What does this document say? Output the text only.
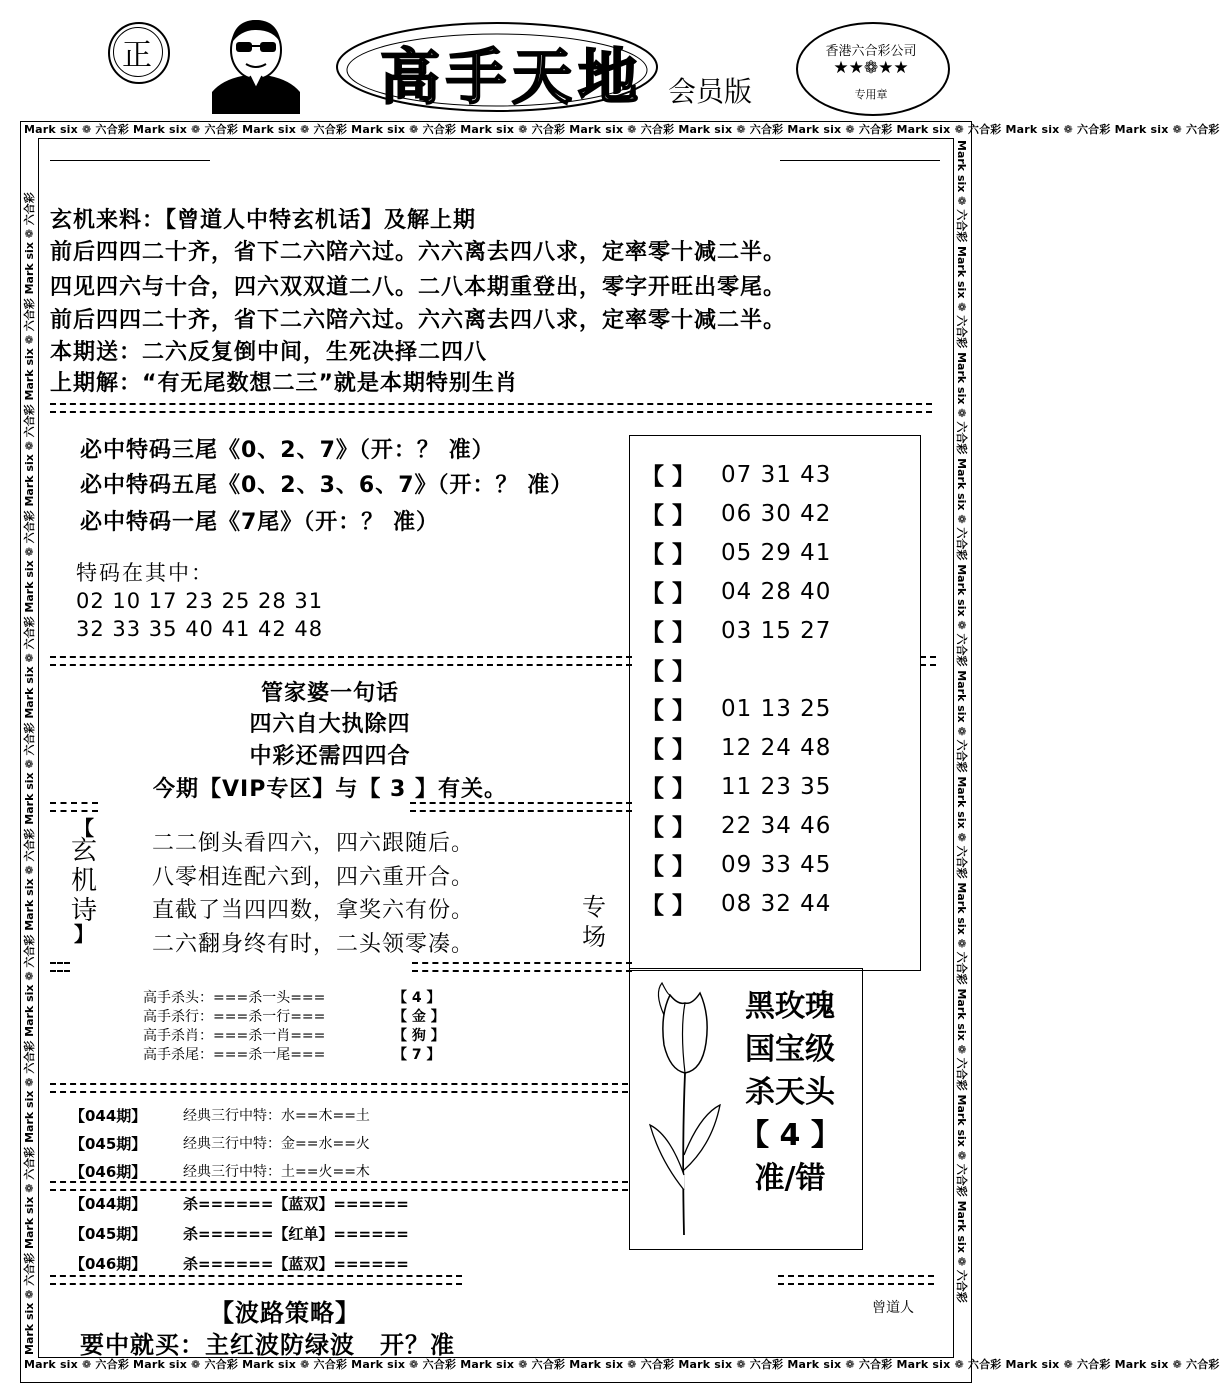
正	高手天地 会员版
香港六合彩公司
★★❁★★
专用章
Mark six ❁ 六合彩 Mark six ❁ 六合彩 Mark six ❁ 六合彩 Mark six ❁ 六合彩 Mark six ❁ 六合彩 Mark six ❁ 六合彩 Mark six ❁ 六合彩 Mark six ❁ 六合彩 Mark six ❁ 六合彩 Mark six ❁ 六合彩 Mark six ❁ 六合彩
Mark six ❁ 六合彩 Mark six ❁ 六合彩 Mark six ❁ 六合彩 Mark six ❁ 六合彩 Mark six ❁ 六合彩 Mark six ❁ 六合彩 Mark six ❁ 六合彩 Mark six ❁ 六合彩 Mark six ❁ 六合彩 Mark six ❁ 六合彩 Mark six ❁ 六合彩
Mark six ❁ 六合彩 Mark six ❁ 六合彩 Mark six ❁ 六合彩 Mark six ❁ 六合彩 Mark six ❁ 六合彩 Mark six ❁ 六合彩 Mark six ❁ 六合彩 Mark six ❁ 六合彩 Mark six ❁ 六合彩 Mark six ❁ 六合彩 Mark six ❁ 六合彩	Mark six ❁ 六合彩 Mark six ❁ 六合彩 Mark six ❁ 六合彩 Mark six ❁ 六合彩 Mark six ❁ 六合彩 Mark six ❁ 六合彩 Mark six ❁ 六合彩 Mark six ❁ 六合彩 Mark six ❁ 六合彩 Mark six ❁ 六合彩 Mark six ❁ 六合彩
玄机来料：【曾道人中特玄机话】及解上期
前后四四二十齐，省下二六陪六过。六六离去四八求，定率零十减二半。
四见四六与十合，四六双双道二八。二八本期重登出，零字开旺出零尾。
前后四四二十齐，省下二六陪六过。六六离去四八求，定率零十减二半。
本期送：二六反复倒中间，生死决择二四八
上期解：“有无尾数想二三”就是本期特别生肖
必中特码三尾《0、2、7》（开：？ 准）
必中特码五尾《0、2、3、6、7》（开：？ 准）
必中特码一尾《7尾》（开：？ 准）
特码在其中：
02 10 17 23 25 28 31
32 33 35 40 41 42 48
管家婆一句话
四六自大执除四
中彩还需四四合
今期【VIP专区】与【 3 】有关。
【
玄
机
诗
】
二二倒头看四六，四六跟随后。
八零相连配六到，四六重开合。
直截了当四四数，拿奖六有份。
二六翻身终有时，二头领零凑。
专
场
【 】	07 31 43
【 】	06 30 42
【 】	05 29 41
【 】	04 28 40
【 】	03 15 27
【 】
【 】	01 13 25
【 】	12 24 48
【 】	11 23 35
【 】	22 34 46
【 】	09 33 45
【 】	08 32 44
高手杀头：===杀一头===	【 4 】
高手杀行：===杀一行===	【 金 】
高手杀肖：===杀一肖===	【 狗 】
高手杀尾：===杀一尾===	【 7 】
黑玫瑰
国宝级
杀天头
【 4 】
准/错
【044期】	经典三行中特：水==木==土
【045期】	经典三行中特：金==水==火
【046期】	经典三行中特：土==火==木
【044期】	杀======【蓝双】======
【045期】	杀======【红单】======
【046期】	杀======【蓝双】======
【波路策略】
要中就买：主红波防绿波　开？准
曾道人
